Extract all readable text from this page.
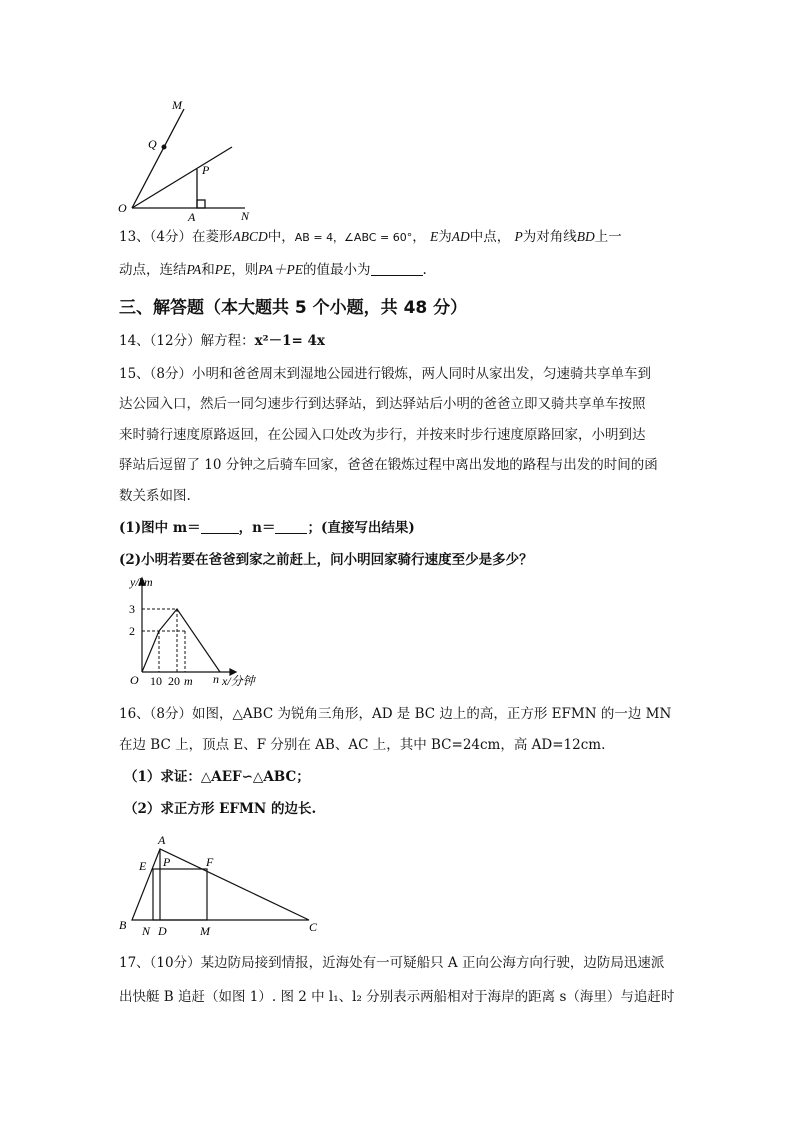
M
Q
P
O
A	N
13、（4分）在菱形ABCD中，AB = 4，∠ABC = 60°， E为AD中点， P为对角线BD上一
动点，连结PA和PE，则PA＋PE的值最小为	.
三、解答题（本大题共 5 个小题，共 48 分）
14、（12分）解方程：x²－1= 4x
15、（8分）小明和爸爸周末到湿地公园进行锻炼，两人同时从家出发，匀速骑共享单车到
达公园入口，然后一同匀速步行到达驿站，到达驿站后小明的爸爸立即又骑共享单车按照
来时骑行速度原路返回，在公园入口处改为步行，并按来时步行速度原路回家，小明到达
驿站后逗留了 10 分钟之后骑车回家，爸爸在锻炼过程中离出发地的路程与出发的时间的函
数关系如图.
(1)图中 m＝	，n＝ ；(直接写出结果)
(2)小明若要在爸爸到家之前赶上，问小明回家骑行速度至少是多少？
y/km
3
2
O 10 20 m n x/分钟
16、（8分）如图，△ABC 为锐角三角形，AD 是 BC 边上的高，正方形 EFMN 的一边 MN
在边 BC 上，顶点 E、F 分别在 AB、AC 上，其中 BC=24cm，高 AD=12cm.
（1）求证：△AEF∽△ABC；
（2）求正方形 EFMN 的边长.
A
E P	F
B N D	M	C
17、（10分）某边防局接到情报，近海处有一可疑船只 A 正向公海方向行驶，边防局迅速派
出快艇 B 追赶（如图 1）. 图 2 中 l₁、l₂ 分别表示两船相对于海岸的距离 s（海里）与追赶时
